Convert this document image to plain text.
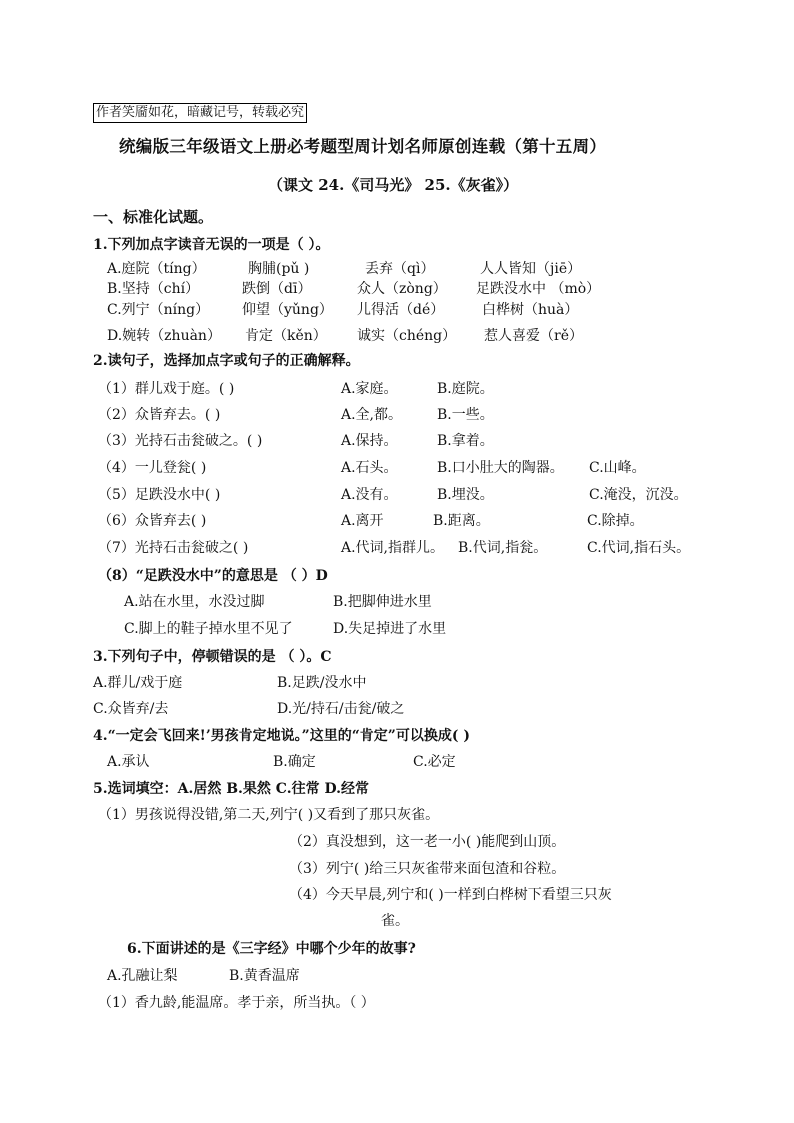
作者笑靥如花，暗藏记号，转载必究
统编版三年级语文上册必考题型周计划名师原创连载（第十五周）
（课文 24.《司马光》 25.《灰雀》）
一、标准化试题。
1.下列加点字读音无误的一项是（ ）。
A.庭院（tíng）	胸脯(pǔ )	丢弃（qì）	人人皆知（jiē）
B.坚持（chí）	跌倒（dī）	众人（zòng） 足跌没水中 （mò）
C.列宁（níng） 仰望（yǔng） 儿得活（dé）	白桦树（huà）
D.婉转（zhuàn） 肯定（kěn） 诚实（chéng） 惹人喜爱（rě）
2.读句子，选择加点字或句子的正确解释。
（1）群儿戏于庭。( )	A.家庭。	B.庭院。
（2）众皆弃去。( )	A.全,都。 B.一些。
（3）光持石击瓮破之。( )	A.保持。	B.拿着。
（4）一儿登瓮( )	A.石头。	B.口小肚大的陶器。 C.山峰。
（5）足跌没水中( )	A.没有。	B.埋没。	C.淹没，沉没。
（6）众皆弃去( )	A.离开	B.距离。	C.除掉。
（7）光持石击瓮破之( )	A.代词,指群儿。 B.代词,指瓮。	C.代词,指石头。
（8）“足跌没水中”的意思是 （ ）D
A.站在水里，水没过脚	B.把脚伸进水里
C.脚上的鞋子掉水里不见了	D.失足掉进了水里
3.下列句子中，停顿错误的是 （ ）。C
A.群儿/戏于庭	B.足跌/没水中
C.众皆弃/去	D.光/持石/击瓮/破之
4.“一定会飞回来!’男孩肯定地说。”这里的“肯定”可以换成( )
A.承认	B.确定	C.必定
5.选词填空：A.居然 B.果然 C.往常 D.经常
（1）男孩说得没错,第二天,列宁( )又看到了那只灰雀。
（2）真没想到，这一老一小( )能爬到山顶。
（3）列宁( )给三只灰雀带来面包渣和谷粒。
（4）今天早晨,列宁和( )一样到白桦树下看望三只灰
雀。
6.下面讲述的是《三字经》中哪个少年的故事?
A.孔融让梨	B.黄香温席
（1）香九龄,能温席。孝于亲，所当执。（ ）
